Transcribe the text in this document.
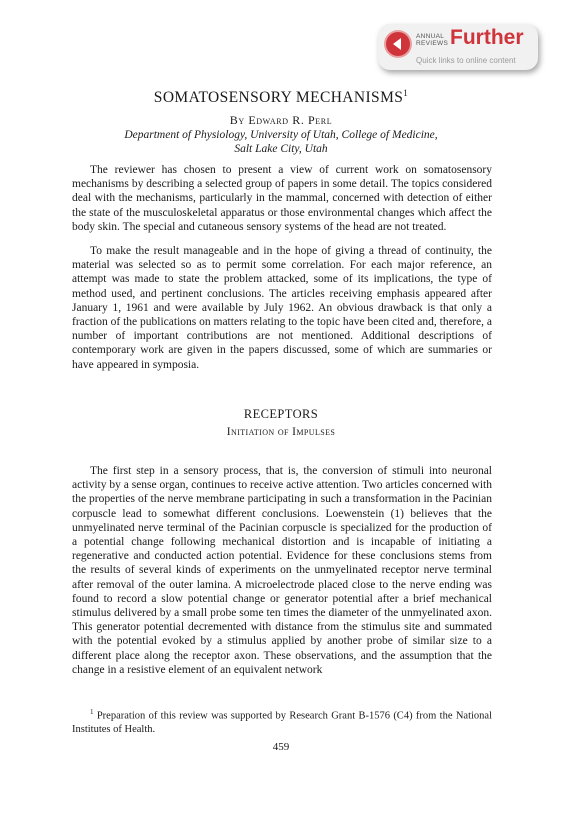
ANNUAL
REVIEWS Further
Quick links to online content
SOMATOSENSORY MECHANISMS$^1$
By Edward R. Perl
Department of Physiology, University of Utah, College of Medicine,
Salt Lake City, Utah

The reviewer has chosen to present a view of current work on somatosensory mechanisms by describing a selected group of papers in some detail. The topics considered deal with the mechanisms, particularly in the mammal, concerned with detection of either the state of the musculoskeletal apparatus or those environmental changes which affect the body skin. The special and cutaneous sensory systems of the head are not treated.

To make the result manageable and in the hope of giving a thread of continuity, the material was selected so as to permit some correlation. For each major reference, an attempt was made to state the problem attacked, some of its implications, the type of method used, and pertinent conclusions. The articles receiving emphasis appeared after January 1, 1961 and were available by July 1962. An obvious drawback is that only a fraction of the publications on matters relating to the topic have been cited and, therefore, a number of important contributions are not mentioned. Additional descriptions of contemporary work are given in the papers discussed, some of which are summaries or have appeared in symposia.

RECEPTORS
Initiation of Impulses

The first step in a sensory process, that is, the conversion of stimuli into neuronal activity by a sense organ, continues to receive active attention. Two articles concerned with the properties of the nerve membrane participating in such a transformation in the Pacinian corpuscle lead to somewhat different conclusions. Loewenstein (1) believes that the unmyelinated nerve terminal of the Pacinian corpuscle is specialized for the production of a potential change following mechanical distortion and is incapable of initiating a regenerative and conducted action potential. Evidence for these conclusions stems from the results of several kinds of experiments on the unmyelinated receptor nerve terminal after removal of the outer lamina. A microelectrode placed close to the nerve ending was found to record a slow potential change or generator potential after a brief mechanical stimulus delivered by a small probe some ten times the diameter of the unmyelinated axon. This generator potential decremented with distance from the stimulus site and summated with the potential evoked by a stimulus applied by another probe of similar size to a different place along the receptor axon. These observations, and the assumption that the change in a resistive element of an equivalent network

$^1$ Preparation of this review was supported by Research Grant B-1576 (C4) from the National Institutes of Health.

459
